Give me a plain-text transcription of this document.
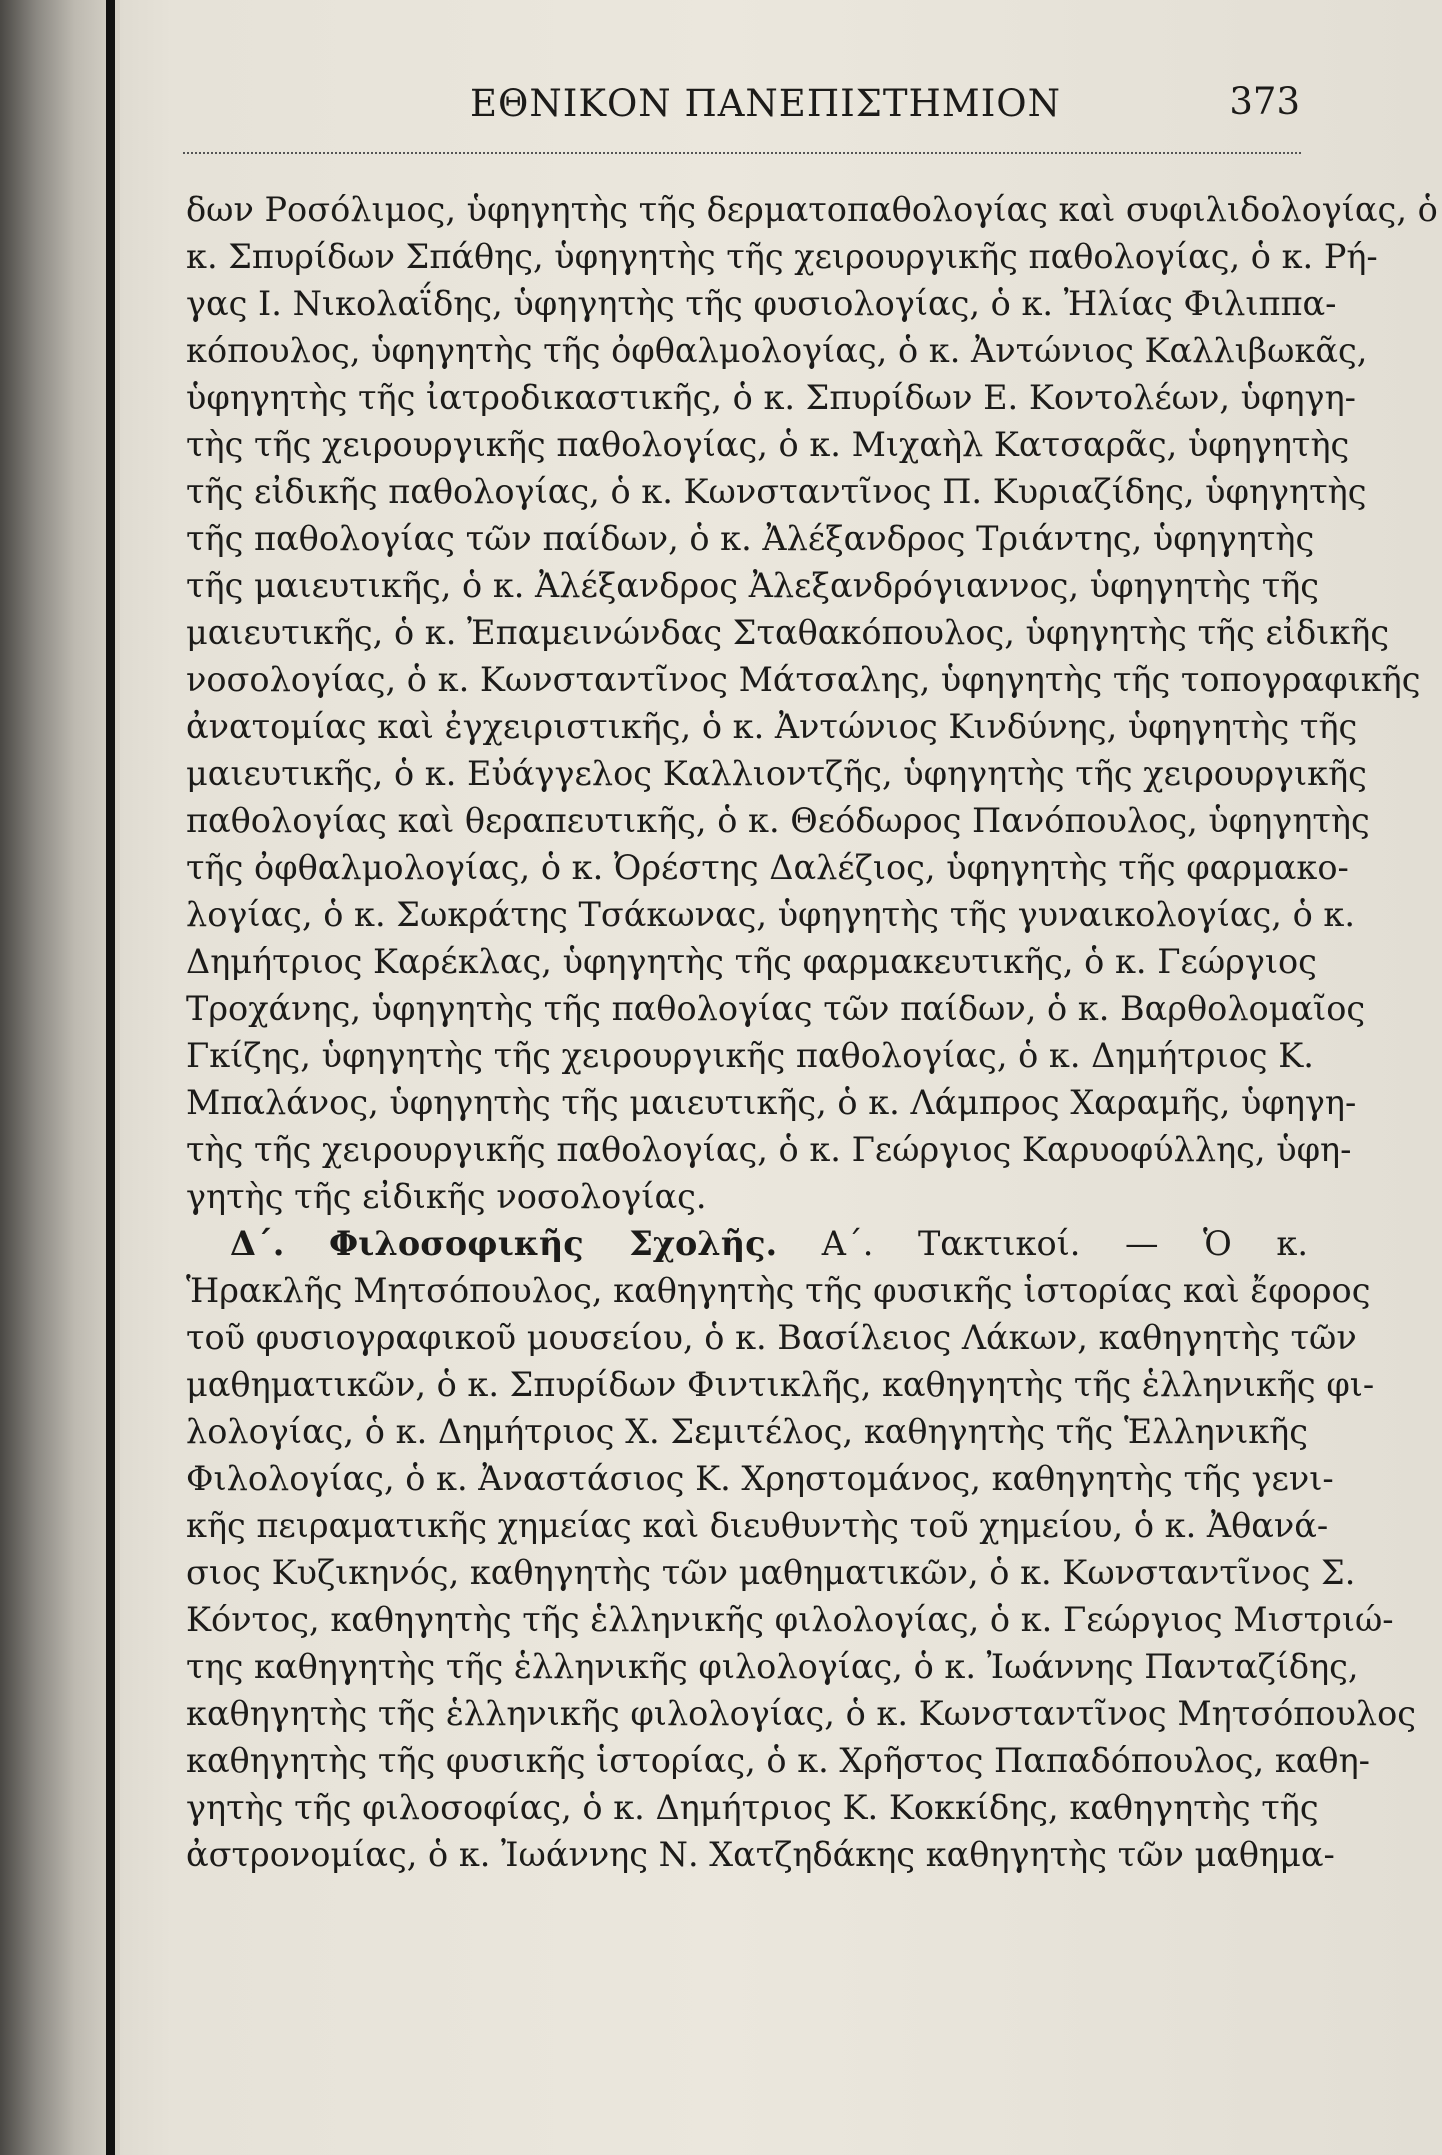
ΕΘΝΙΚΟΝ ΠΑΝΕΠΙΣΤΗΜΙΟΝ	373
δων Ροσόλιμος, ὑφηγητὴς τῆς δερματοπαθολογίας καὶ συφιλιδολογίας, ὁ
κ. Σπυρίδων Σπάθης, ὑφηγητὴς τῆς χειρουργικῆς παθολογίας, ὁ κ. Ρή-
γας Ι. Νικολαΐδης, ὑφηγητὴς τῆς φυσιολογίας, ὁ κ. Ἠλίας Φιλιππα-
κόπουλος, ὑφηγητὴς τῆς ὀφθαλμολογίας, ὁ κ. Ἀντώνιος Καλλιβωκᾶς,
ὑφηγητὴς τῆς ἰατροδικαστικῆς, ὁ κ. Σπυρίδων Ε. Κοντολέων, ὑφηγη-
τὴς τῆς χειρουργικῆς παθολογίας, ὁ κ. Μιχαὴλ Κατσαρᾶς, ὑφηγητὴς
τῆς εἰδικῆς παθολογίας, ὁ κ. Κωνσταντῖνος Π. Κυριαζίδης, ὑφηγητὴς
τῆς παθολογίας τῶν παίδων, ὁ κ. Ἀλέξανδρος Τριάντης, ὑφηγητὴς
τῆς μαιευτικῆς, ὁ κ. Ἀλέξανδρος Ἀλεξανδρόγιαννος, ὑφηγητὴς τῆς
μαιευτικῆς, ὁ κ. Ἐπαμεινώνδας Σταθακόπουλος, ὑφηγητὴς τῆς εἰδικῆς
νοσολογίας, ὁ κ. Κωνσταντῖνος Μάτσαλης, ὑφηγητὴς τῆς τοπογραφικῆς
ἀνατομίας καὶ ἐγχειριστικῆς, ὁ κ. Ἀντώνιος Κινδύνης, ὑφηγητὴς τῆς
μαιευτικῆς, ὁ κ. Εὐάγγελος Καλλιοντζῆς, ὑφηγητὴς τῆς χειρουργικῆς
παθολογίας καὶ θεραπευτικῆς, ὁ κ. Θεόδωρος Πανόπουλος, ὑφηγητὴς
τῆς ὀφθαλμολογίας, ὁ κ. Ὀρέστης Δαλέζιος, ὑφηγητὴς τῆς φαρμακο-
λογίας, ὁ κ. Σωκράτης Τσάκωνας, ὑφηγητὴς τῆς γυναικολογίας, ὁ κ.
Δημήτριος Καρέκλας, ὑφηγητὴς τῆς φαρμακευτικῆς, ὁ κ. Γεώργιος
Τροχάνης, ὑφηγητὴς τῆς παθολογίας τῶν παίδων, ὁ κ. Βαρθολομαῖος
Γκίζης, ὑφηγητὴς τῆς χειρουργικῆς παθολογίας, ὁ κ. Δημήτριος Κ.
Μπαλάνος, ὑφηγητὴς τῆς μαιευτικῆς, ὁ κ. Λάμπρος Χαραμῆς, ὑφηγη-
τὴς τῆς χειρουργικῆς παθολογίας, ὁ κ. Γεώργιος Καρυοφύλλης, ὑφη-
γητὴς τῆς εἰδικῆς νοσολογίας.
Δ΄. Φιλοσοφικῆς Σχολῆς. Α΄. Τακτικοί. — Ὁ κ.
Ἡρακλῆς Μητσόπουλος, καθηγητὴς τῆς φυσικῆς ἱστορίας καὶ ἔφορος
τοῦ φυσιογραφικοῦ μουσείου, ὁ κ. Βασίλειος Λάκων, καθηγητὴς τῶν
μαθηματικῶν, ὁ κ. Σπυρίδων Φιντικλῆς, καθηγητὴς τῆς ἑλληνικῆς φι-
λολογίας, ὁ κ. Δημήτριος Χ. Σεμιτέλος, καθηγητὴς τῆς Ἑλληνικῆς
Φιλολογίας, ὁ κ. Ἀναστάσιος Κ. Χρηστομάνος, καθηγητὴς τῆς γενι-
κῆς πειραματικῆς χημείας καὶ διευθυντὴς τοῦ χημείου, ὁ κ. Ἀθανά-
σιος Κυζικηνός, καθηγητὴς τῶν μαθηματικῶν, ὁ κ. Κωνσταντῖνος Σ.
Κόντος, καθηγητὴς τῆς ἑλληνικῆς φιλολογίας, ὁ κ. Γεώργιος Μιστριώ-
της καθηγητὴς τῆς ἑλληνικῆς φιλολογίας, ὁ κ. Ἰωάννης Πανταζίδης,
καθηγητὴς τῆς ἑλληνικῆς φιλολογίας, ὁ κ. Κωνσταντῖνος Μητσόπουλος
καθηγητὴς τῆς φυσικῆς ἱστορίας, ὁ κ. Χρῆστος Παπαδόπουλος, καθη-
γητὴς τῆς φιλοσοφίας, ὁ κ. Δημήτριος Κ. Κοκκίδης, καθηγητὴς τῆς
ἀστρονομίας, ὁ κ. Ἰωάννης Ν. Χατζηδάκης καθηγητὴς τῶν μαθημα-
